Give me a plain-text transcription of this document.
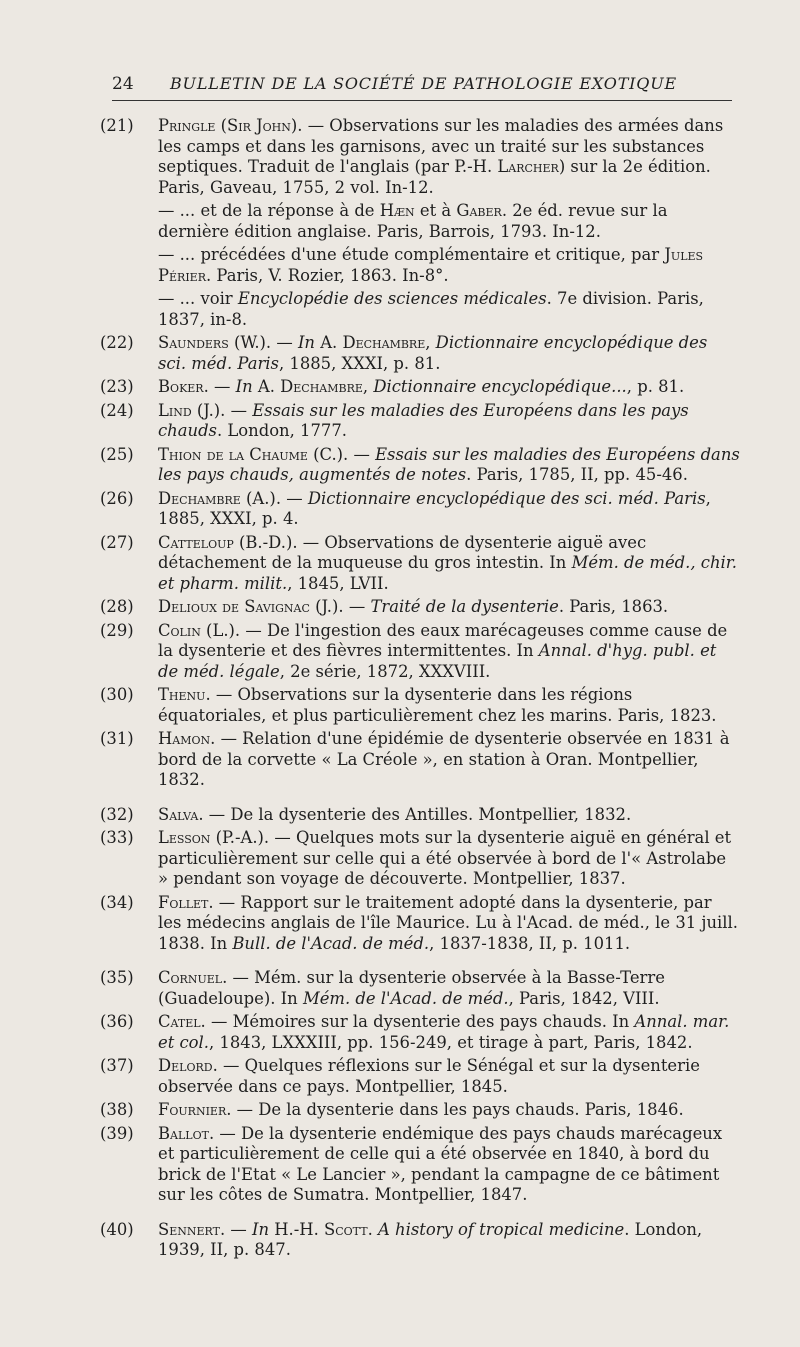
24 BULLETIN DE LA SOCIÉTÉ DE PATHOLOGIE EXOTIQUE
(21) Pringle (Sir John). — Observations sur les maladies des armées dans les camps et dans les garnisons, avec un traité sur les substances septiques. Traduit de l'anglais (par P.-H. Larcher) sur la 2e édition. Paris, Gaveau, 1755, 2 vol. In-12.
— ... et de la réponse à de Hæn et à Gaber. 2e éd. revue sur la dernière édition anglaise. Paris, Barrois, 1793. In-12.
— ... précédées d'une étude complémentaire et critique, par Jules Périer. Paris, V. Rozier, 1863. In-8°.
— ... voir Encyclopédie des sciences médicales. 7e division. Paris, 1837, in-8.
(22) Saunders (W.). — In A. Dechambre, Dictionnaire encyclopédique des sci. méd. Paris, 1885, XXXI, p. 81.
(23) Boker. — In A. Dechambre, Dictionnaire encyclopédique..., p. 81.
(24) Lind (J.). — Essais sur les maladies des Européens dans les pays chauds. London, 1777.
(25) Thion de la Chaume (C.). — Essais sur les maladies des Européens dans les pays chauds, augmentés de notes. Paris, 1785, II, pp. 45-46.
(26) Dechambre (A.). — Dictionnaire encyclopédique des sci. méd. Paris, 1885, XXXI, p. 4.
(27) Catteloup (B.-D.). — Observations de dysenterie aiguë avec détachement de la muqueuse du gros intestin. In Mém. de méd., chir. et pharm. milit., 1845, LVII.
(28) Delioux de Savignac (J.). — Traité de la dysenterie. Paris, 1863.
(29) Colin (L.). — De l'ingestion des eaux marécageuses comme cause de la dysenterie et des fièvres intermittentes. In Annal. d'hyg. publ. et de méd. légale, 2e série, 1872, XXXVIII.
(30) Thenu. — Observations sur la dysenterie dans les régions équatoriales, et plus particulièrement chez les marins. Paris, 1823.
(31) Hamon. — Relation d'une épidémie de dysenterie observée en 1831 à bord de la corvette « La Créole », en station à Oran. Montpellier, 1832.
(32) Salva. — De la dysenterie des Antilles. Montpellier, 1832.
(33) Lesson (P.-A.). — Quelques mots sur la dysenterie aiguë en général et particulièrement sur celle qui a été observée à bord de l'« Astrolabe » pendant son voyage de découverte. Montpellier, 1837.
(34) Follet. — Rapport sur le traitement adopté dans la dysenterie, par les médecins anglais de l'île Maurice. Lu à l'Acad. de méd., le 31 juill. 1838. In Bull. de l'Acad. de méd., 1837-1838, II, p. 1011.
(35) Cornuel. — Mém. sur la dysenterie observée à la Basse-Terre (Guadeloupe). In Mém. de l'Acad. de méd., Paris, 1842, VIII.
(36) Catel. — Mémoires sur la dysenterie des pays chauds. In Annal. mar. et col., 1843, LXXXIII, pp. 156-249, et tirage à part, Paris, 1842.
(37) Delord. — Quelques réflexions sur le Sénégal et sur la dysenterie observée dans ce pays. Montpellier, 1845.
(38) Fournier. — De la dysenterie dans les pays chauds. Paris, 1846.
(39) Ballot. — De la dysenterie endémique des pays chauds marécageux et particulièrement de celle qui a été observée en 1840, à bord du brick de l'Etat « Le Lancier », pendant la campagne de ce bâtiment sur les côtes de Sumatra. Montpellier, 1847.
(40) Sennert. — In H.-H. Scott. A history of tropical medicine. London, 1939, II, p. 847.
